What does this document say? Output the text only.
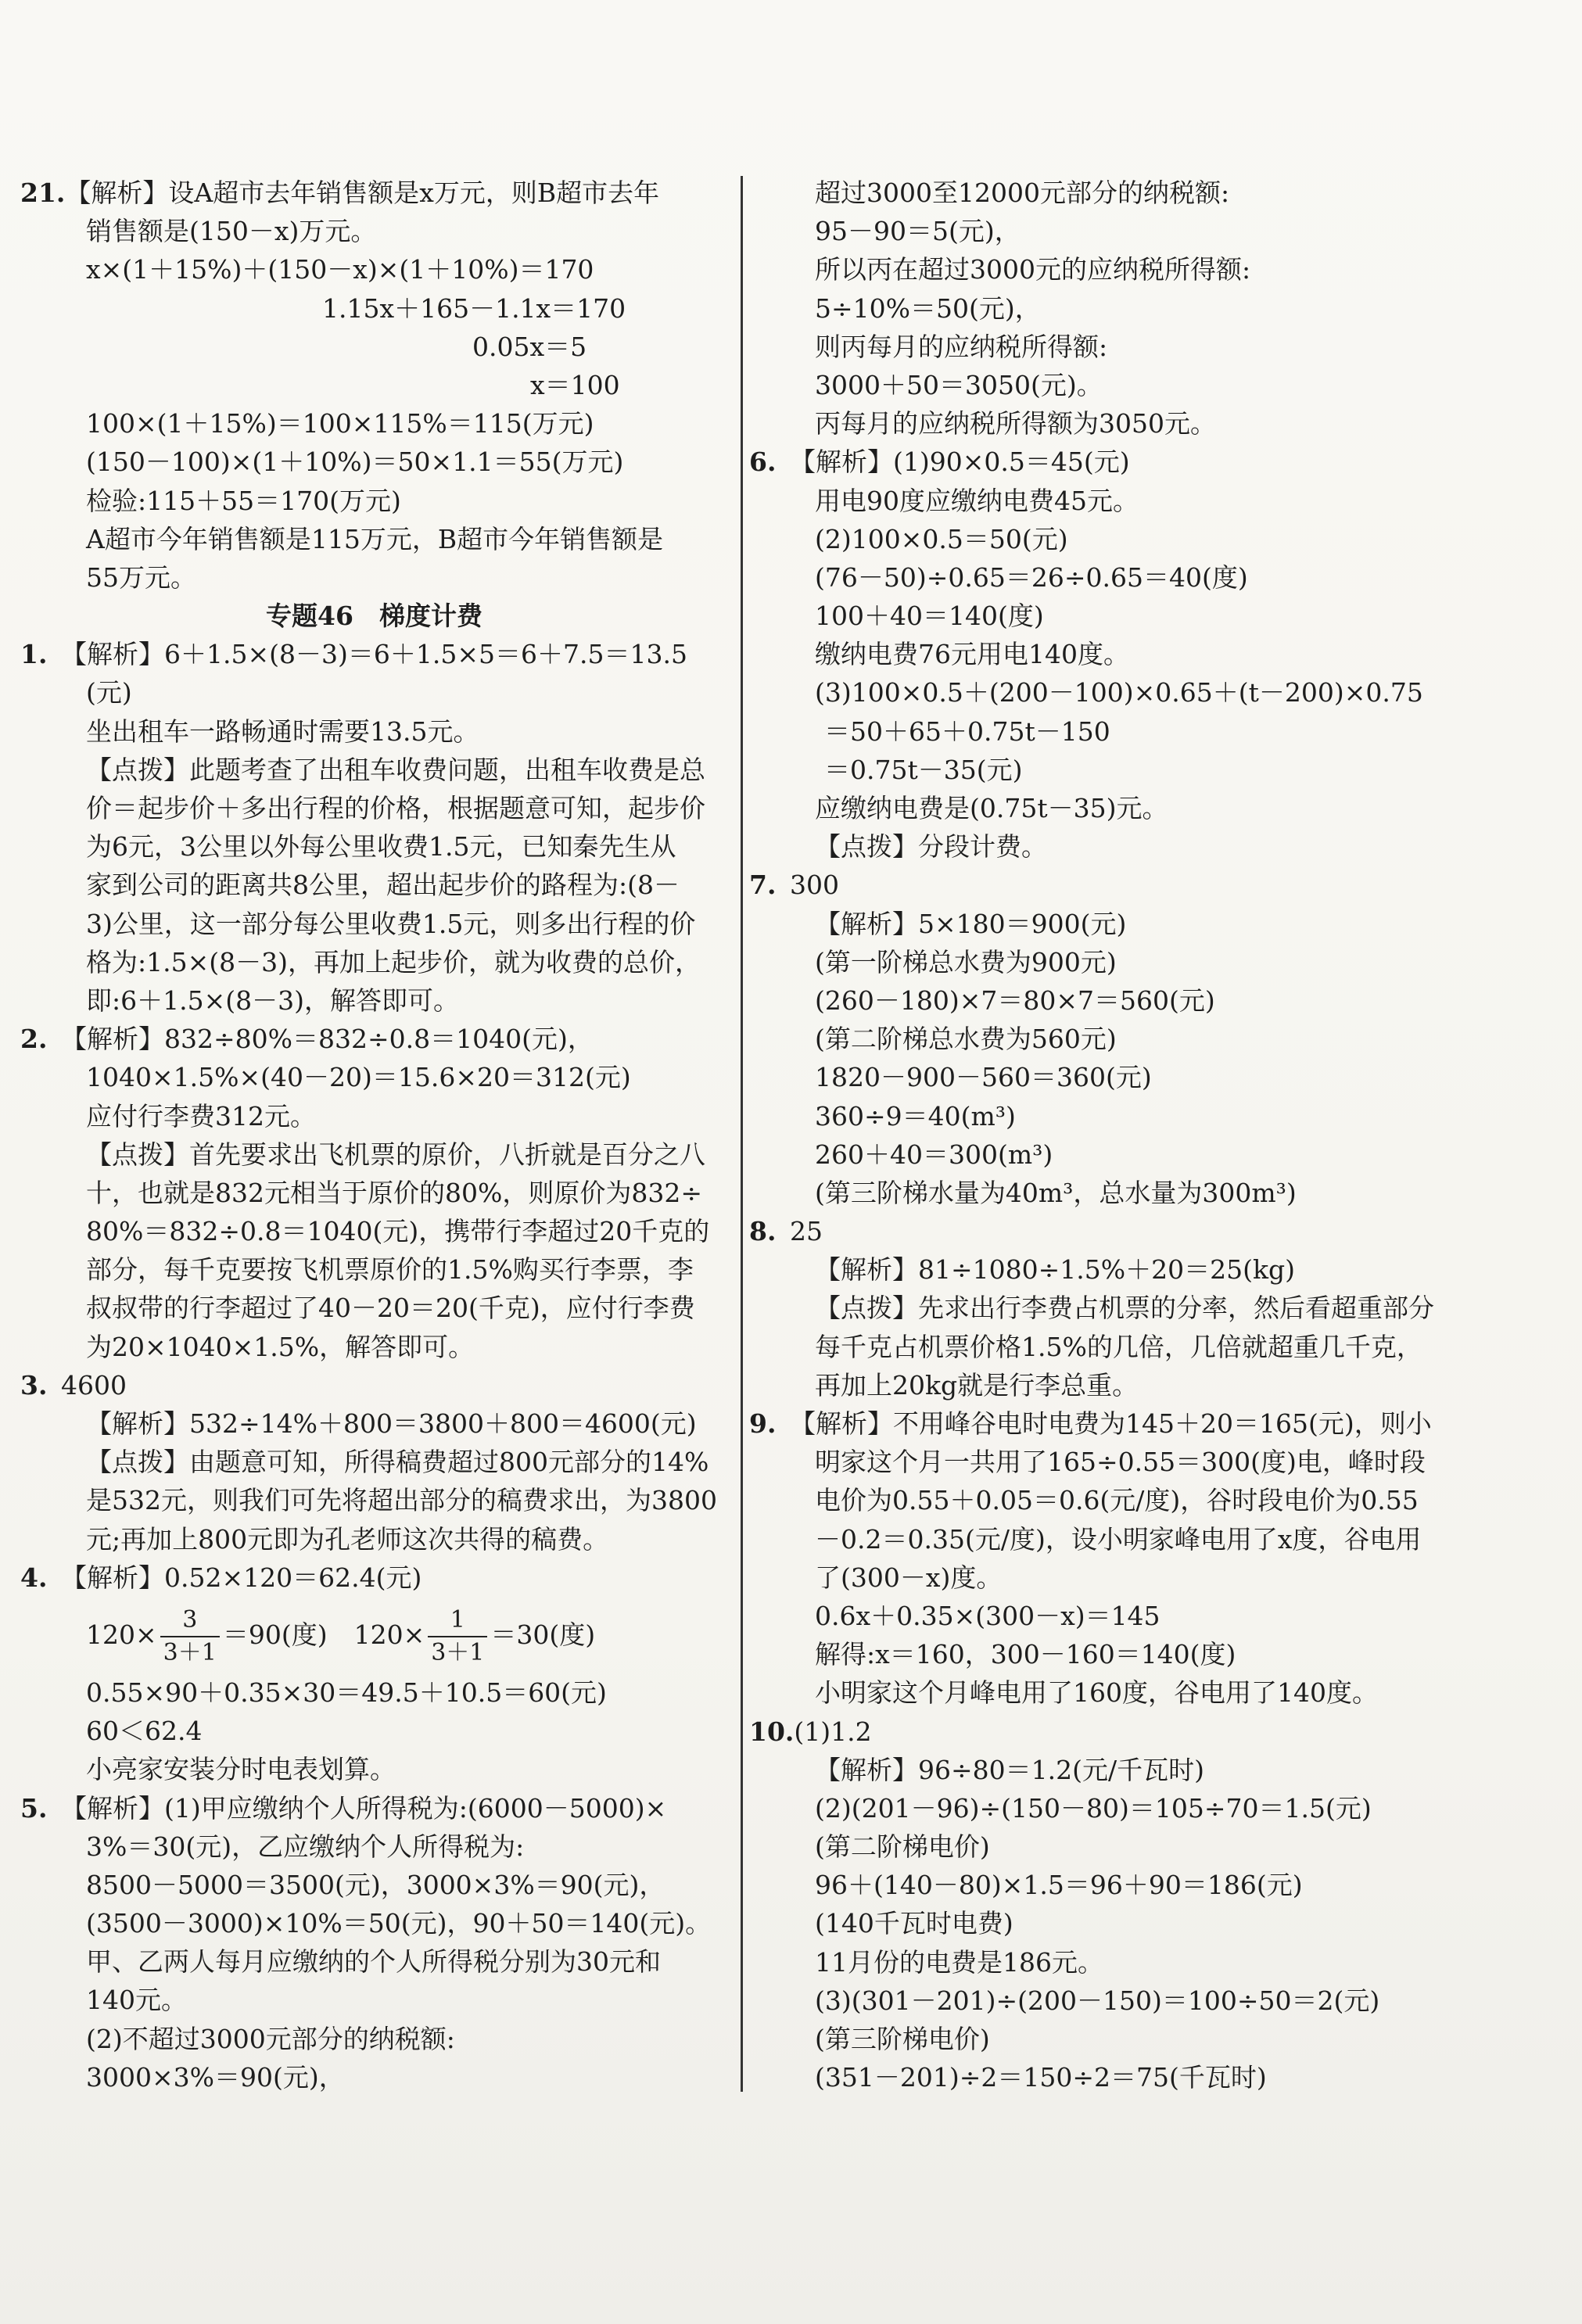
21.【解析】设A超市去年销售额是x万元，则B超市去年
销售额是(150－x)万元。
x×(1＋15%)＋(150－x)×(1＋10%)＝170
1.15x＋165－1.1x＝170
0.05x＝5
x＝100
100×(1＋15%)＝100×115%＝115(万元)
(150－100)×(1＋10%)＝50×1.1＝55(万元)
检验:115＋55＝170(万元)
A超市今年销售额是115万元，B超市今年销售额是
55万元。
专题46　梯度计费
1. 【解析】6＋1.5×(8－3)＝6＋1.5×5＝6＋7.5＝13.5
(元)
坐出租车一路畅通时需要13.5元。
【点拨】此题考查了出租车收费问题，出租车收费是总
价＝起步价＋多出行程的价格，根据题意可知，起步价
为6元，3公里以外每公里收费1.5元，已知秦先生从
家到公司的距离共8公里，超出起步价的路程为:(8－
3)公里，这一部分每公里收费1.5元，则多出行程的价
格为:1.5×(8－3)，再加上起步价，就为收费的总价，
即:6＋1.5×(8－3)，解答即可。
2. 【解析】832÷80%＝832÷0.8＝1040(元)，
1040×1.5%×(40－20)＝15.6×20＝312(元)
应付行李费312元。
【点拨】首先要求出飞机票的原价，八折就是百分之八
十，也就是832元相当于原价的80%，则原价为832÷
80%＝832÷0.8＝1040(元)，携带行李超过20千克的
部分，每千克要按飞机票原价的1.5%购买行李票，李
叔叔带的行李超过了40－20＝20(千克)，应付行李费
为20×1040×1.5%，解答即可。
3. 4600
【解析】532÷14%＋800＝3800＋800＝4600(元)
【点拨】由题意可知，所得稿费超过800元部分的14%
是532元，则我们可先将超出部分的稿费求出，为3800
元;再加上800元即为孔老师这次共得的稿费。
4. 【解析】0.52×120＝62.4(元)
$120\times \frac{3}{3+1} =90$(度) $120\times \frac{1}{3+1} =30$(度)
0.55×90＋0.35×30＝49.5＋10.5＝60(元)
60＜62.4
小亮家安装分时电表划算。
5. 【解析】(1)甲应缴纳个人所得税为:(6000－5000)×
3%＝30(元)，乙应缴纳个人所得税为:
8500－5000＝3500(元)，3000×3%＝90(元)，
(3500－3000)×10%＝50(元)，90＋50＝140(元)。
甲、乙两人每月应缴纳的个人所得税分别为30元和
140元。
(2)不超过3000元部分的纳税额:
3000×3%＝90(元)，
超过3000至12000元部分的纳税额:
95－90＝5(元)，
所以丙在超过3000元的应纳税所得额:
5÷10%＝50(元)，
则丙每月的应纳税所得额:
3000＋50＝3050(元)。
丙每月的应纳税所得额为3050元。
6. 【解析】(1)90×0.5＝45(元)
用电90度应缴纳电费45元。
(2)100×0.5＝50(元)
(76－50)÷0.65＝26÷0.65＝40(度)
100＋40＝140(度)
缴纳电费76元用电140度。
(3)100×0.5＋(200－100)×0.65＋(t－200)×0.75
＝50＋65＋0.75t－150
＝0.75t－35(元)
应缴纳电费是(0.75t－35)元。
【点拨】分段计费。
7. 300
【解析】5×180＝900(元)
(第一阶梯总水费为900元)
(260－180)×7＝80×7＝560(元)
(第二阶梯总水费为560元)
1820－900－560＝360(元)
360÷9＝40(m³)
260＋40＝300(m³)
(第三阶梯水量为40m³，总水量为300m³)
8. 25
【解析】81÷1080÷1.5%＋20＝25(kg)
【点拨】先求出行李费占机票的分率，然后看超重部分
每千克占机票价格1.5%的几倍，几倍就超重几千克，
再加上20kg就是行李总重。
9. 【解析】不用峰谷电时电费为145＋20＝165(元)，则小
明家这个月一共用了165÷0.55＝300(度)电，峰时段
电价为0.55＋0.05＝0.6(元/度)，谷时段电价为0.55
－0.2＝0.35(元/度)，设小明家峰电用了x度，谷电用
了(300－x)度。
0.6x＋0.35×(300－x)＝145
解得:x＝160，300－160＝140(度)
小明家这个月峰电用了160度，谷电用了140度。
10.(1)1.2
【解析】96÷80＝1.2(元/千瓦时)
(2)(201－96)÷(150－80)＝105÷70＝1.5(元)
(第二阶梯电价)
96＋(140－80)×1.5＝96＋90＝186(元)
(140千瓦时电费)
11月份的电费是186元。
(3)(301－201)÷(200－150)＝100÷50＝2(元)
(第三阶梯电价)
(351－201)÷2＝150÷2＝75(千瓦时)
